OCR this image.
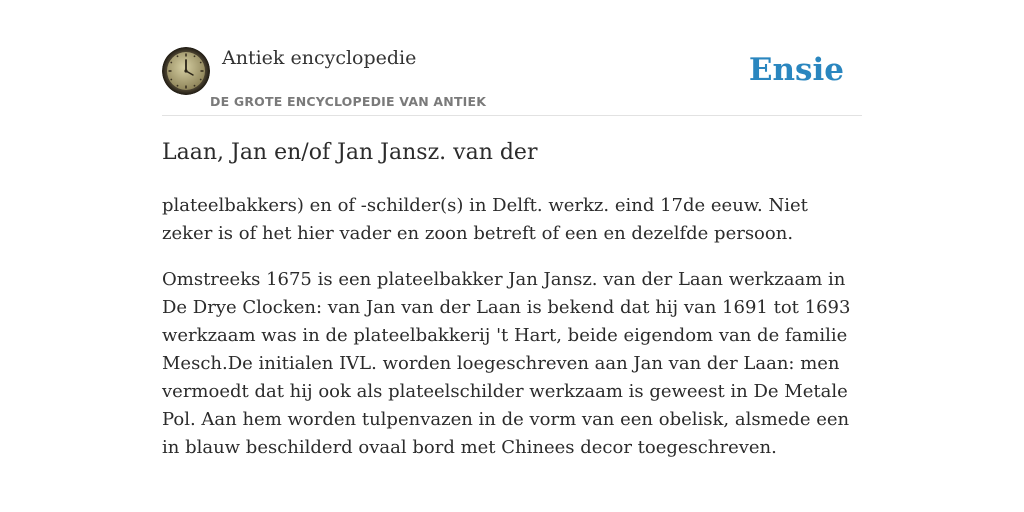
Antiek encyclopedie
DE GROTE ENCYCLOPEDIE VAN ANTIEK
Ensie
Laan, Jan en/of Jan Jansz. van der

plateelbakkers) en of -schilder(s) in Delft. werkz. eind 17de eeuw. Niet zeker is of het hier vader en zoon betreft of een en dezelfde persoon.

Omstreeks 1675 is een plateelbakker Jan Jansz. van der Laan werkzaam in De Drye Clocken: van Jan van der Laan is bekend dat hij van 1691 tot 1693 werkzaam was in de plateelbakkerij 't Hart, beide eigendom van de familie Mesch.De initialen IVL. worden loegeschreven aan Jan van der Laan: men vermoedt dat hij ook als plateelschilder werkzaam is geweest in De Metale Pol. Aan hem worden tulpenvazen in de vorm van een obelisk, alsmede een in blauw beschilderd ovaal bord met Chinees decor toegeschreven.
